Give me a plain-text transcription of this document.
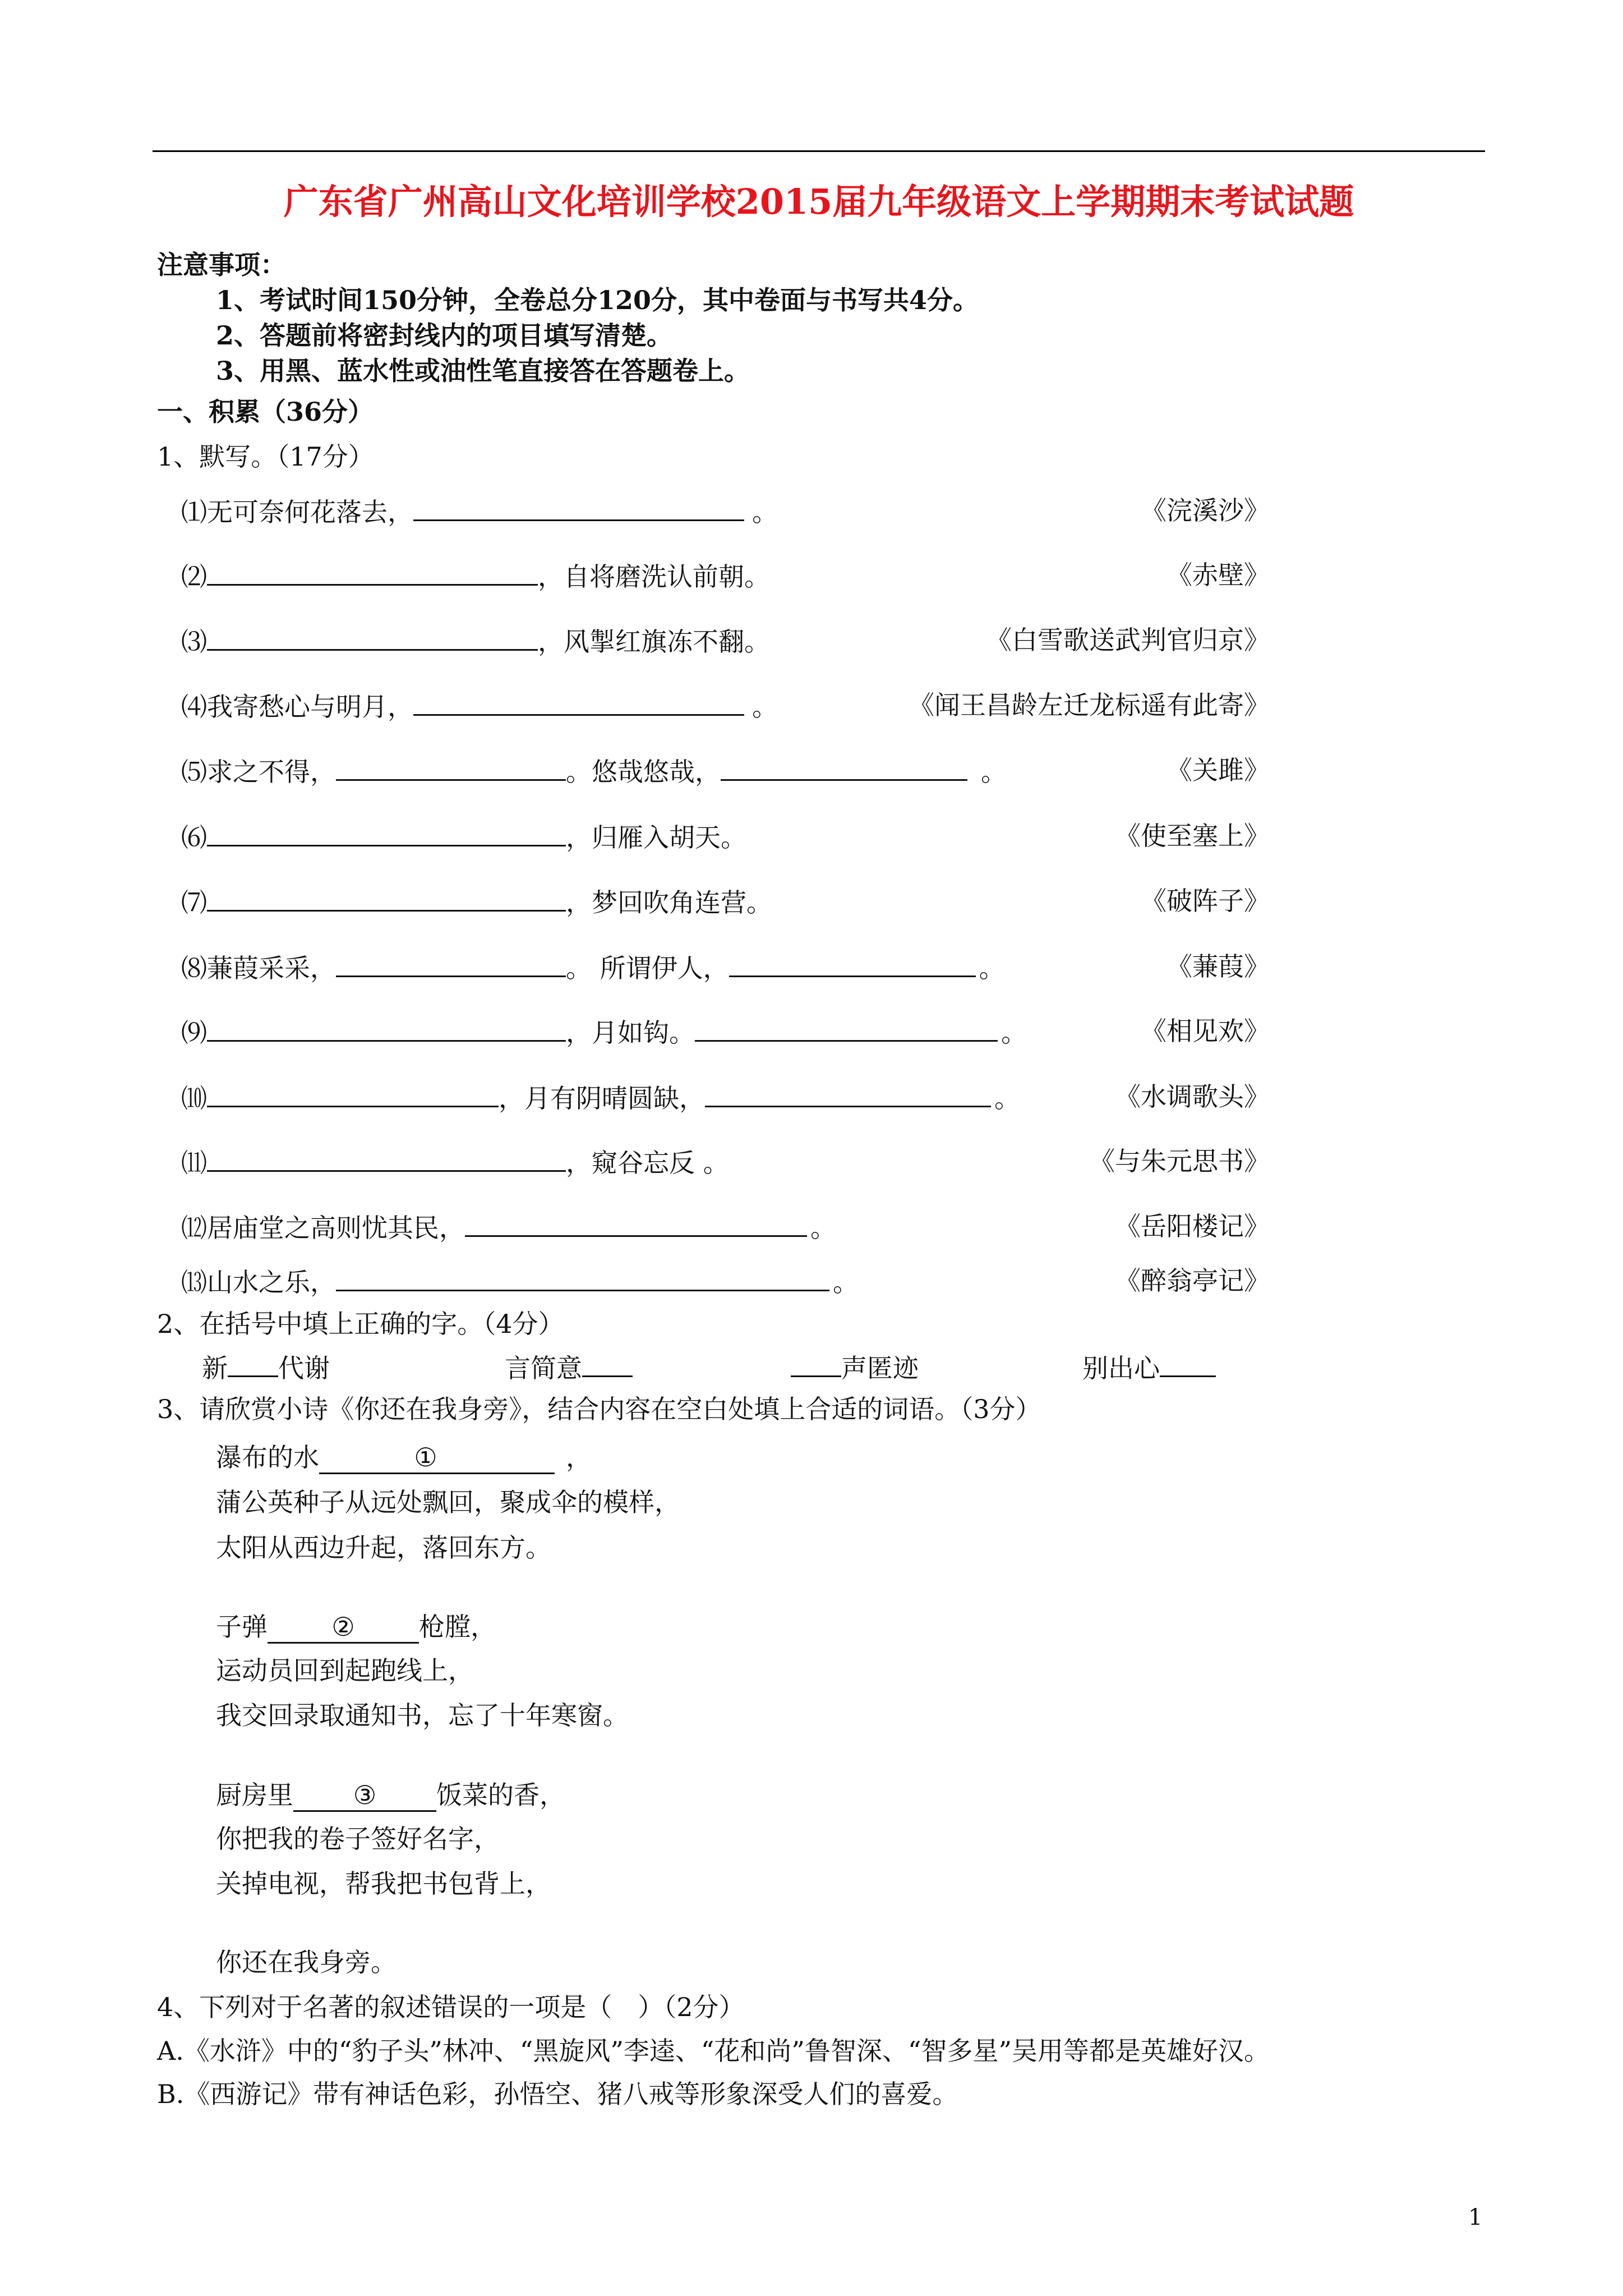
广东省广州高山文化培训学校2015届九年级语文上学期期末考试试题
注意事项：
1、考试时间150分钟，全卷总分120分，其中卷面与书写共4分。
2、答题前将密封线内的项目填写清楚。
3、用黑、蓝水性或油性笔直接答在答题卷上。
一、积累（36分）
1、默写。（17分）
⑴无可奈何花落去，	。	《浣溪沙》
⑵	，自将磨洗认前朝。	《赤壁》
⑶	，风掣红旗冻不翻。	《白雪歌送武判官归京》
⑷我寄愁心与明月，	。	《闻王昌龄左迁龙标遥有此寄》
⑸求之不得，	。悠哉悠哉，	。	《关雎》
⑹	，归雁入胡天。	《使至塞上》
⑺	，梦回吹角连营。	《破阵子》
⑻蒹葭采采，	。 所谓伊人，	。	《蒹葭》
⑼	，月如钩。	。	《相见欢》
⑽	，月有阴晴圆缺，	。	《水调歌头》
⑾	，窥谷忘反 。	《与朱元思书》
⑿居庙堂之高则忧其民，	。	《岳阳楼记》
⒀山水之乐，	。	《醉翁亭记》
2、在括号中填上正确的字。（4分）
新 代谢	言简意	声匿迹	别出心
3、请欣赏小诗《你还在我身旁》，结合内容在空白处填上合适的词语。（3分）
瀑布的水	①	，
蒲公英种子从远处飘回，聚成伞的模样，
太阳从西边升起，落回东方。
子弹 ② 枪膛，
运动员回到起跑线上，
我交回录取通知书，忘了十年寒窗。
厨房里 ③ 饭菜的香，
你把我的卷子签好名字，
关掉电视，帮我把书包背上，
你还在我身旁。
4、下列对于名著的叙述错误的一项是（　）（2分）
A.《水浒》中的“豹子头”林冲、“黑旋风”李逵、“花和尚”鲁智深、“智多星”吴用等都是英雄好汉。
B.《西游记》带有神话色彩，孙悟空、猪八戒等形象深受人们的喜爱。
1
